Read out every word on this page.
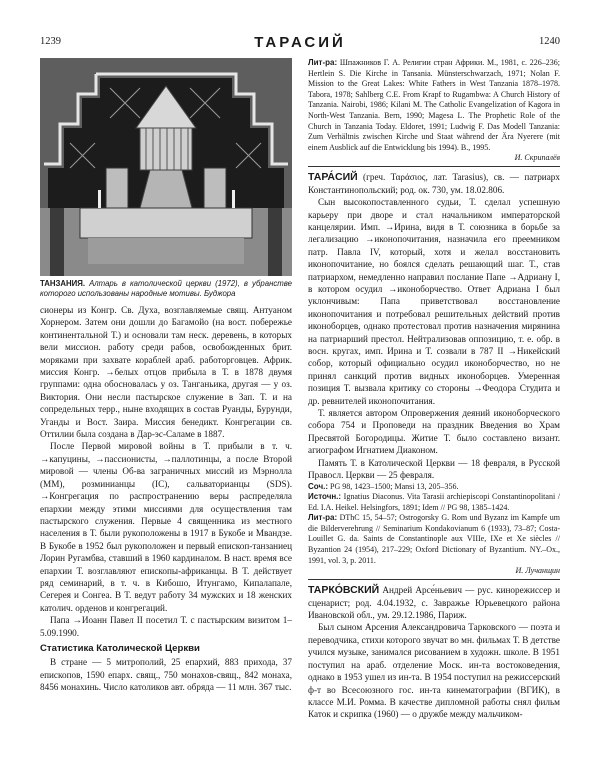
1239	ТАРАСИЙ	1240
ТАНЗАНИЯ. Алтарь в католической церкви (1972), в убранстве которого использованы народные мотивы. Буджора

сионеры из Конгр. Св. Духа, возглавляемые свящ. Антуаном Хорнером. Затем они дошли до Багамойо (на вост. побережье континентальной Т.) и основали там неск. деревень, в которых вели миссион. работу среди рабов, освобожденных брит. моряками при захвате кораблей араб. работорговцев. Африк. миссия Конгр. →белых отцов прибыла в Т. в 1878 двумя группами: одна обосновалась у оз. Танганьика, другая — у оз. Виктория. Они несли пастырское служение в Зап. Т. и на сопредельных терр., ныне входящих в состав Руанды, Бурунди, Уганды и Вост. Заира. Миссия бенедикт. Конгрегации св. Оттилии была создана в Дар-эс-Саламе в 1887.

После Первой мировой войны в Т. прибыли в т. ч. →капуцины, →пассионисты, →паллотинцы, а после Второй мировой — члены Об-ва заграничных миссий из Мэрнолла (ММ), розминианцы (IC), сальваторианцы (SDS). →Конгрегация по распространению веры распределяла епархии между этими миссиями для осуществления там пастырского служения. Первые 4 священника из местного населения в Т. были рукоположены в 1917 в Букобе и Мвандзе. В Букобе в 1952 был рукоположен и первый епископ-танзаниец Лорин Ругамбва, ставший в 1960 кардиналом. В наст. время все епархии Т. возглавляют епископы-африканцы. В Т. действует ряд семинарий, в т. ч. в Кибошо, Итунгамо, Кипалапале, Сегерея и Сонгеа. В Т. ведут работу 34 мужских и 18 женских католич. орденов и конгрегаций.

Папа →Иоанн Павел II посетил Т. с пастырским визитом 1–5.09.1990.

Статистика Католической Церкви

В стране — 5 митрополий, 25 епархий, 883 прихода, 37 епископов, 1590 епарх. свящ., 750 монахов-свящ., 842 монаха, 8456 монахинь. Число католиков авт. обряда — 11 млн. 367 тыс.

Лит-ра: Шпажников Г. А. Религии стран Африки. М., 1981, с. 226–236; Hertlein S. Die Kirche in Tansania. Münsterschwarzach, 1971; Nolan F. Mission to the Great Lakes: White Fathers in West Tanzania 1878–1978. Tabora, 1978; Sahlberg C.E. From Krapf to Rugambwa: A Church History of Tanzania. Nairobi, 1986; Kilani M. The Catholic Evangelization of Kagora in North-West Tanzania. Bern, 1990; Magesa L. The Prophetic Role of the Church in Tanzania Today. Eldoret, 1991; Ludwig F. Das Modell Tanzania: Zum Verhältnis zwischen Kirche und Staat während der Ära Nyerere (mit einem Ausblick auf die Entwicklung bis 1994). B., 1995.

И. Скрипалёв

ТАРА́СИЙ (греч. Ταράσιος, лат. Tarasius), св. — патриарх Константинопольский; род. ок. 730, ум. 18.02.806.

Сын высокопоставленного судьи, Т. сделал успешную карьеру при дворе и стал начальником императорской канцелярии. Имп. →Ирина, видя в Т. союзника в борьбе за легализацию →иконопочитания, назначила его преемником патр. Павла IV, который, хотя и желал восстановить иконопочитание, но боялся сделать решающий шаг. Т., став патриархом, немедленно направил послание Папе →Адриану I, в котором осудил →иконоборчество. Ответ Адриана I был уклончивым: Папа приветствовал восстановление иконопочитания и потребовал решительных действий против иконоборцев, однако протестовал против назначения мирянина на патриарший престол. Нейтрализовав оппозицию, т. е. обр. в восн. кругах, имп. Ирина и Т. созвали в 787 II →Никейский собор, который официально осудил иконоборчество, но не принял санкций против видных иконоборцев. Умеренная позиция Т. вызвала критику со стороны →Феодора Студита и др. ревнителей иконопочитания.

Т. является автором Опровержения деяний иконоборческого собора 754 и Проповеди на праздник Введения во Храм Пресвятой Богородицы. Житие Т. было составлено визант. агиографом Игнатием Диаконом.

Память Т. в Католической Церкви — 18 февраля, в Русской Правосл. Церкви — 25 февраля.

Соч.: PG 98, 1423–1500; Mansi 13, 205–356.

Источн.: Ignatius Diaconus. Vita Tarasii archiepiscopi Constantinopolitani / Ed. I.A. Heikel. Helsingfors, 1891; Idem // PG 98, 1385–1424.

Лит-ра: DThC 15, 54–57; Ostrogorsky G. Rom und Byzanz im Kampfe um die Bilderverehrung // Seminarium Kondakovianum 6 (1933), 73–87; Costa-Louillet G. da. Saints de Constantinople aux VIIIe, IXe et Xe siècles // Byzantion 24 (1954), 217–229; Oxford Dictionary of Byzantium. NY.–Ox., 1991, vol. 3, p. 2011.

И. Лучанщин

ТАРКО́ВСКИЙ Андрей Арсе́ньевич — рус. кинорежиссер и сценарист; род. 4.04.1932, с. Завражье Юрьевецкого района Ивановской обл., ум. 29.12.1986, Париж.

Был сыном Арсения Александровича Тарковского — поэта и переводчика, стихи которого звучат во мн. фильмах Т. В детстве учился музыке, занимался рисованием в художн. школе. В 1951 поступил на араб. отделение Моск. ин-та востоковедения, однако в 1953 ушел из ин-та. В 1954 поступил на режиссерский ф-т во Всесоюзного гос. ин-та кинематографии (ВГИК), в классе М.И. Ромма. В качестве дипломной работы снял фильм Каток и скрипка (1960) — о дружбе между мальчиком-
